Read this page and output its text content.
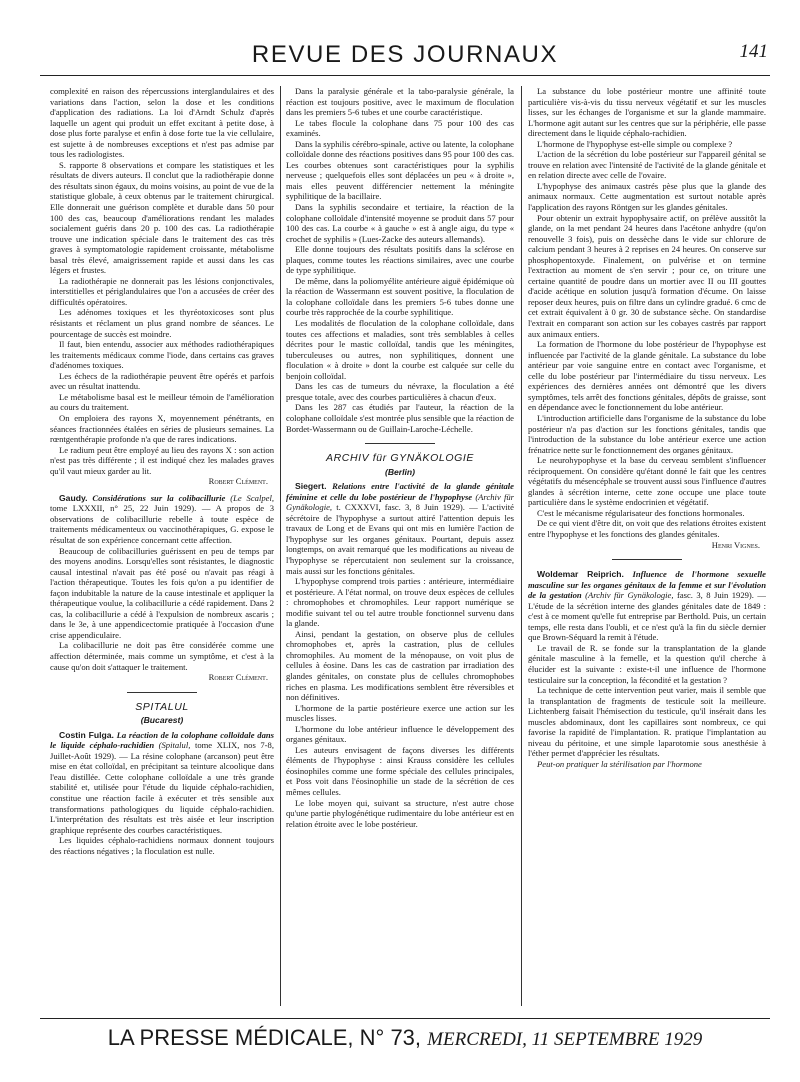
REVUE DES JOURNAUX	141

complexité en raison des répercussions interglandulaires et des variations dans l'action, selon la dose et les conditions d'application des radiations. La loi d'Arndt Schulz d'après laquelle un agent qui produit un effet excitant à petite dose, à dose plus forte paralyse et enfin à dose forte tue la vie cellulaire, est sujette à de nombreuses exceptions et n'est pas admise par tous les radiologistes.

S. rapporte 8 observations et compare les statistiques et les résultats de divers auteurs. Il conclut que la radiothérapie donne des résultats sinon égaux, du moins voisins, au point de vue de la statistique globale, à ceux obtenus par le traitement chirurgical. Elle donnerait une guérison complète et durable dans 50 pour 100 des cas, beaucoup d'améliorations rendant les malades socialement guéris dans 20 p. 100 des cas. La radiothérapie trouve une indication spéciale dans le traitement des cas très graves à symptomatologie rapidement croissante, métabolisme basal très élevé, amaigrissement rapide et aussi dans les cas légers et frustes.

La radiothérapie ne donnerait pas les lésions conjonctivales, interstitielles et périglandulaires que l'on a accusées de créer des difficultés opératoires.

Les adénomes toxiques et les thyréotoxicoses sont plus résistants et réclament un plus grand nombre de séances. Le pourcentage de succès est moindre.

Il faut, bien entendu, associer aux méthodes radiothérapiques les traitements médicaux comme l'iode, dans certains cas graves d'adénomes toxiques.

Les échecs de la radiothérapie peuvent être opérés et parfois avec un résultat inattendu.

Le métabolisme basal est le meilleur témoin de l'amélioration au cours du traitement.

On emploiera des rayons X, moyennement pénétrants, en séances fractionnées étalées en séries de plusieurs semaines. La rœntgenthérapie profonde n'a que de rares indications.

Le radium peut être employé au lieu des rayons X : son action n'est pas très différente ; il est indiqué chez les malades graves qu'il vaut mieux garder au lit.

Robert Clément.

Gaudy. Considérations sur la colibacillurie (Le Scalpel, tome LXXXII, n° 25, 22 Juin 1929). — A propos de 3 observations de colibacillurie rebelle à toute espèce de traitements médicamenteux ou vaccinothérapiques, G. expose le résultat de son expérience concernant cette affection.

Beaucoup de colibacilluries guérissent en peu de temps par des moyens anodins. Lorsqu'elles sont résistantes, le diagnostic causal intestinal n'avait pas été posé ou n'avait pas réagi à l'action thérapeutique. Toutes les fois qu'on a pu identifier de façon indubitable la nature de la cause intestinale et appliquer la thérapeutique voulue, la colibacillurie a cédé rapidement. Dans 2 cas, la colibacillurie a cédé à l'expulsion de nombreux ascaris ; dans le 3e, à une appendicectomie pratiquée à l'occasion d'une crise appendiculaire.

La colibacillurie ne doit pas être considérée comme une affection déterminée, mais comme un symptôme, et c'est à la cause qu'on doit s'attaquer le traitement.

Robert Clément.
SPITALUL
(Bucarest)

Costin Fulga. La réaction de la colophane colloïdale dans le liquide céphalo-rachidien (Spitalul, tome XLIX, nos 7-8, Juillet-Août 1929). — La résine colophane (arcanson) peut être mise en état colloïdal, en précipitant sa teinture alcoolique dans l'eau distillée. Cette colophane colloïdale a une très grande stabilité et, utilisée pour l'étude du liquide céphalo-rachidien, constitue une réaction facile à exécuter et très sensible aux transformations pathologiques du liquide céphalo-rachidien. L'interprétation des résultats est très aisée et leur inscription graphique représente des courbes caractéristiques.

Les liquides céphalo-rachidiens normaux donnent toujours des réactions négatives ; la floculation est nulle.

Dans la paralysie générale et la tabo-paralysie générale, la réaction est toujours positive, avec le maximum de floculation dans les premiers 5-6 tubes et une courbe caractéristique.

Le tabes flocule la colophane dans 75 pour 100 des cas examinés.

Dans la syphilis cérébro-spinale, active ou latente, la colophane colloïdale donne des réactions positives dans 95 pour 100 des cas. Les courbes obtenues sont caractéristiques pour la syphilis nerveuse ; quelquefois elles sont déplacées un peu « à droite », mais elles peuvent différencier nettement la méningite syphilitique de la bacillaire.

Dans la syphilis secondaire et tertiaire, la réaction de la colophane colloïdale d'intensité moyenne se produit dans 57 pour 100 des cas. La courbe « à gauche » est à angle aigu, du type « crochet de syphilis » (Lues-Zacke des auteurs allemands).

Elle donne toujours des résultats positifs dans la sclérose en plaques, comme toutes les réactions similaires, avec une courbe de type syphilitique.

De même, dans la poliomyélite antérieure aiguë épidémique où la réaction de Wassermann est souvent positive, la floculation de la colophane colloïdale dans les premiers 5-6 tubes donne une courbe très rapprochée de la courbe syphilitique.

Les modalités de floculation de la colophane colloïdale, dans toutes ces affections et maladies, sont très semblables à celles décrites pour le mastic colloïdal, tandis que les méningites, tuberculeuses ou autres, non syphilitiques, donnent une floculation « à droite » dont la courbe est calquée sur celle du benjoin colloïdal.

Dans les cas de tumeurs du névraxe, la floculation a été presque totale, avec des courbes particulières à chacun d'eux.

Dans les 287 cas étudiés par l'auteur, la réaction de la colophane colloïdale s'est montrée plus sensible que la réaction de Bordet-Wassermann ou de Guillain-Laroche-Léchelle.

ARCHIV für GYNÄKOLOGIE
(Berlin)

Siegert. Relations entre l'activité de la glande génitale féminine et celle du lobe postérieur de l'hypophyse (Archiv für Gynäkologie, t. CXXXVI, fasc. 3, 8 Juin 1929). — L'activité sécrétoire de l'hypophyse a surtout attiré l'attention depuis les travaux de Long et de Evans qui ont mis en lumière l'action de l'hypophyse sur les organes génitaux. Pourtant, depuis assez longtemps, on avait remarqué que les modifications au niveau de l'hypophyse se répercutaient non seulement sur la croissance, mais aussi sur les fonctions génitales.

L'hypophyse comprend trois parties : antérieure, intermédiaire et postérieure. A l'état normal, on trouve deux espèces de cellules : chromophobes et chromophiles. Leur rapport numérique se modifie suivant tel ou tel autre trouble fonctionnel survenu dans la glande.

Ainsi, pendant la gestation, on observe plus de cellules chromophobes et, après la castration, plus de cellules chromophiles. Au moment de la ménopause, on voit plus de cellules à éosine. Dans les cas de castration par irradiation des glandes génitales, on constate plus de cellules chromophobes riches en plasma. Les modifications semblent être réversibles et non définitives.

L'hormone de la partie postérieure exerce une action sur les muscles lisses.

L'hormone du lobe antérieur influence le développement des organes génitaux.

Les auteurs envisagent de façons diverses les différents éléments de l'hypophyse : ainsi Krauss considère les cellules éosinophiles comme une forme spéciale des cellules principales, et Poss voit dans l'éosinophilie un stade de la sécrétion de ces mêmes cellules.

Le lobe moyen qui, suivant sa structure, n'est autre chose qu'une partie phylogénétique rudimentaire du lobe antérieur est en relation étroite avec le lobe postérieur.

La substance du lobe postérieur montre une affinité toute particulière vis-à-vis du tissu nerveux végétatif et sur les muscles lisses, sur les échanges de l'organisme et sur la glande mammaire. L'hormone agit autant sur les centres que sur la périphérie, elle passe directement dans le liquide céphalo-rachidien.

L'hormone de l'hypophyse est-elle simple ou complexe ?

L'action de la sécrétion du lobe postérieur sur l'appareil génital se trouve en relation avec l'intensité de l'activité de la glande génitale et en relation directe avec celle de l'ovaire.

L'hypophyse des animaux castrés pèse plus que la glande des animaux normaux. Cette augmentation est surtout notable après l'application des rayons Röntgen sur les glandes génitales.

Pour obtenir un extrait hypophysaire actif, on prélève aussitôt la glande, on la met pendant 24 heures dans l'acétone anhydre (qu'on renouvelle 3 fois), puis on dessèche dans le vide sur chlorure de calcium pendant 3 heures à 2 reprises en 24 heures. On conserve sur phosphopentoxyde. Finalement, on pulvérise et on termine l'extraction au moment de s'en servir ; pour ce, on triture une certaine quantité de poudre dans un mortier avec II ou III gouttes d'acide acétique en solution jusqu'à formation d'écume. On laisse reposer deux heures, puis on filtre dans un cylindre gradué. 6 cmc de cet extrait équivalent à 0 gr. 30 de substance sèche. On standardise l'extrait en comparant son action sur les cobayes castrés par rapport aux animaux entiers.

La formation de l'hormone du lobe postérieur de l'hypophyse est influencée par l'activité de la glande génitale. La substance du lobe antérieur par voie sanguine entre en contact avec l'organisme, et celle du lobe postérieur par l'intermédiaire du tissu nerveux. Les expériences des dernières années ont démontré que les divers symptômes, tels arrêt des fonctions génitales, dépôts de graisse, sont en dépendance avec le fonctionnement du lobe antérieur.

L'introduction artificielle dans l'organisme de la substance du lobe postérieur n'a pas d'action sur les fonctions génitales, tandis que l'introduction de la substance du lobe antérieur exerce une action frénatrice nette sur le fonctionnement des organes génitaux.

Le neurohypophyse et la base du cerveau semblent s'influencer réciproquement. On considère qu'étant donné le fait que les centres végétatifs du mésencéphale se trouvent aussi sous l'influence d'autres glandes à sécrétion interne, cette zone occupe une place toute particulière dans le système endocrinien et végétatif.

C'est le mécanisme régularisateur des fonctions hormonales.

De ce qui vient d'être dit, on voit que des relations étroites existent entre l'hypophyse et les fonctions des glandes génitales.

Henri Vignes.

Woldemar Reiprich. Influence de l'hormone sexuelle masculine sur les organes génitaux de la femme et sur l'évolution de la gestation (Archiv für Gynäkologie, fasc. 3, 8 Juin 1929). — L'étude de la sécrétion interne des glandes génitales date de 1849 : c'est à ce moment qu'elle fut entreprise par Berthold. Puis, un certain temps, elle resta dans l'oubli, et ce n'est qu'à la fin du siècle dernier que Brown-Séquard la remit à l'étude.

Le travail de R. se fonde sur la transplantation de la glande génitale masculine à la femelle, et la question qu'il cherche à élucider est la suivante : existe-t-il une influence de l'hormone testiculaire sur la conception, la fécondité et la gestation ?

La technique de cette intervention peut varier, mais il semble que la transplantation de fragments de testicule soit la meilleure. Lichtenberg faisait l'hémisection du testicule, qu'il insérait dans les muscles abdominaux, dont les capillaires sont nombreux, ce qui favorise la rapidité de l'implantation. R. pratique l'implantation au niveau du péritoine, et une simple laparotomie sous anesthésie à l'éther permet d'apprécier les résultats.

Peut-on pratiquer la stérilisation par l'hormone

LA PRESSE MÉDICALE, N° 73, MERCREDI, 11 SEPTEMBRE 1929
